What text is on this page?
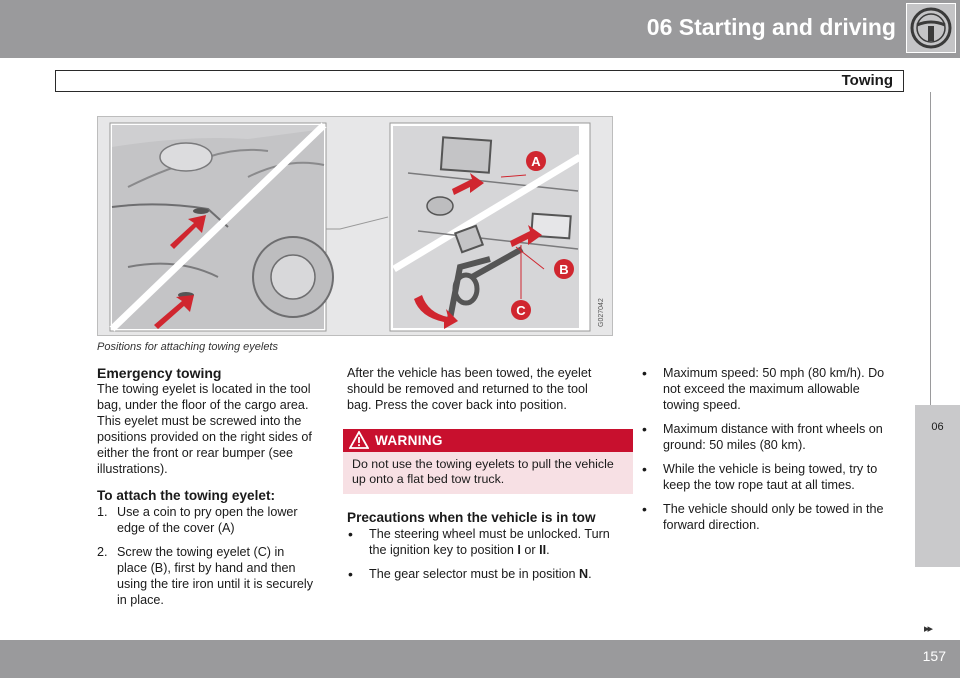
06 Starting and driving
Towing
06
A
B
C	G027042
Positions for attaching towing eyelets
Emergency towing

The towing eyelet is located in the tool bag, under the floor of the cargo area. This eyelet must be screwed into the positions provided on the right sides of either the front or rear bumper (see illustrations).

To attach the towing eyelet:
1. Use a coin to pry open the lower edge of the cover (A)
2. Screw the towing eyelet (C) in place (B), first by hand and then using the tire iron until it is securely in place.

After the vehicle has been towed, the eyelet should be removed and returned to the tool bag. Press the cover back into position.

WARNING
Do not use the towing eyelets to pull the vehicle up onto a flat bed tow truck.
Precautions when the vehicle is in tow
• The steering wheel must be unlocked. Turn the ignition key to position I or II.
• The gear selector must be in position N.
• Maximum speed: 50 mph (80 km/h). Do not exceed the maximum allowable towing speed.
• Maximum distance with front wheels on ground: 50 miles (80 km).
• While the vehicle is being towed, try to keep the tow rope taut at all times.
• The vehicle should only be towed in the forward direction.
▸▸
157
